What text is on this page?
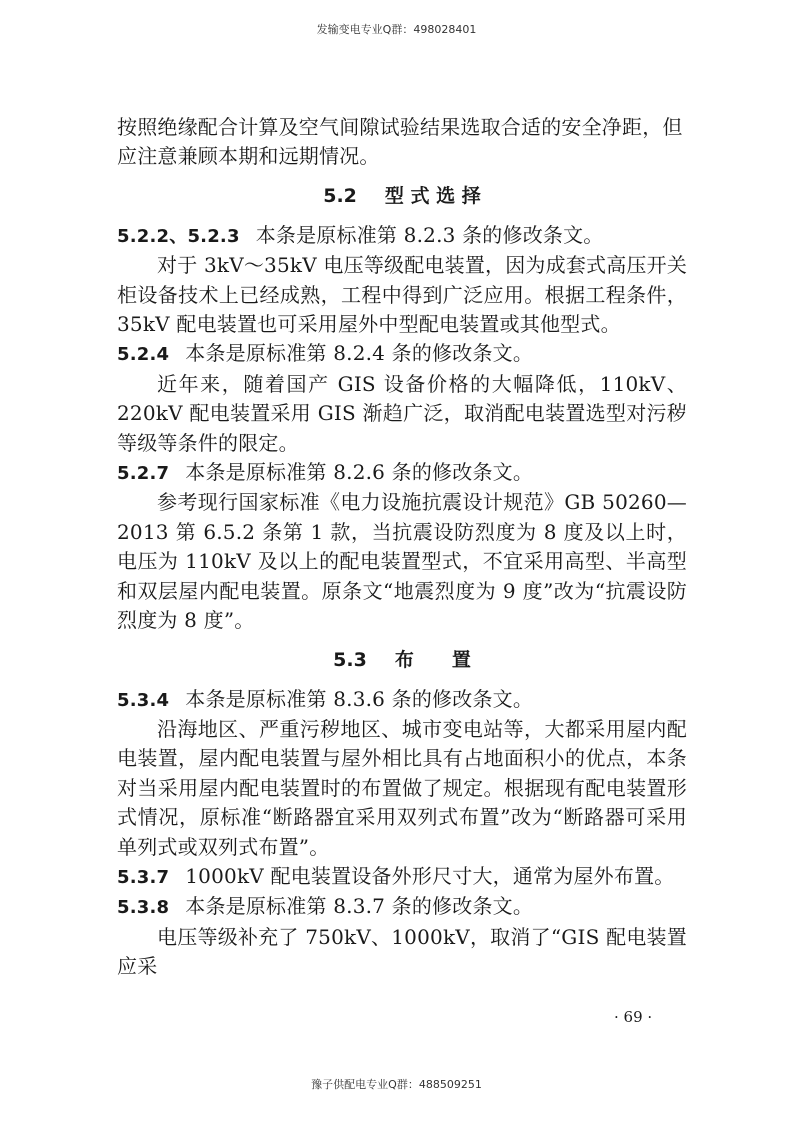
发输变电专业Q群：498028401

按照绝缘配合计算及空气间隙试验结果选取合适的安全净距，但

应注意兼顾本期和远期情况。

5.2 型 式 选 择

5.2.2、5.2.3 本条是原标准第 8.2.3 条的修改条文。

对于 3kV～35kV 电压等级配电装置，因为成套式高压开关柜设备技术上已经成熟，工程中得到广泛应用。根据工程条件，35kV 配电装置也可采用屋外中型配电装置或其他型式。

5.2.4 本条是原标准第 8.2.4 条的修改条文。

近年来，随着国产 GIS 设备价格的大幅降低，110kV、220kV 配电装置采用 GIS 渐趋广泛，取消配电装置选型对污秽等级等条件的限定。

5.2.7 本条是原标准第 8.2.6 条的修改条文。

参考现行国家标准《电力设施抗震设计规范》GB 50260—2013 第 6.5.2 条第 1 款，当抗震设防烈度为 8 度及以上时，电压为 110kV 及以上的配电装置型式，不宜采用高型、半高型和双层屋内配电装置。原条文“地震烈度为 9 度”改为“抗震设防烈度为 8 度”。

5.3 布　　置

5.3.4 本条是原标准第 8.3.6 条的修改条文。

沿海地区、严重污秽地区、城市变电站等，大都采用屋内配电装置，屋内配电装置与屋外相比具有占地面积小的优点，本条对当采用屋内配电装置时的布置做了规定。根据现有配电装置形式情况，原标准“断路器宜采用双列式布置”改为“断路器可采用单列式或双列式布置”。

5.3.7 1000kV 配电装置设备外形尺寸大，通常为屋外布置。

5.3.8 本条是原标准第 8.3.7 条的修改条文。

电压等级补充了 750kV、1000kV，取消了“GIS 配电装置应采

· 69 ·
豫子供配电专业Q群：488509251
